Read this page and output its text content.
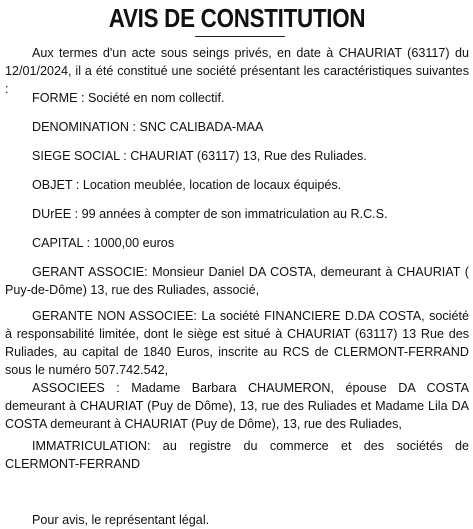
AVIS DE CONSTITUTION

Aux termes d'un acte sous seings privés, en date à CHAURIAT (63117) du 12/01/2024, il a été constitué une société présentant les caractéristiques suivantes :

FORME : Société en nom collectif.

DENOMINATION : SNC CALIBADA-MAA

SIEGE SOCIAL : CHAURIAT (63117) 13, Rue des Ruliades.

OBJET : Location meublée, location de locaux équipés.

DUrEE : 99 années à compter de son immatriculation au R.C.S.

CAPITAL : 1000,00 euros

GERANT ASSOCIE: Monsieur Daniel DA COSTA, demeurant à CHAURIAT ( Puy-de-Dôme) 13, rue des Ruliades, associé,

GERANTE NON ASSOCIEE: La société FINANCIERE D.DA COSTA, société à responsabilité limitée, dont le siège est situé à CHAURIAT (63117) 13 Rue des Ruliades, au capital de 1840 Euros, inscrite au RCS de CLERMONT-FERRAND sous le numéro 507.742.542,

ASSOCIEES : Madame Barbara CHAUMERON, épouse DA COSTA demeurant à CHAURIAT (Puy de Dôme), 13, rue des Ruliades et Madame Lila DA COSTA demeurant à CHAURIAT (Puy de Dôme), 13, rue des Ruliades,

IMMATRICULATION: au registre du commerce et des sociétés de CLERMONT-FERRAND

Pour avis, le représentant légal.
